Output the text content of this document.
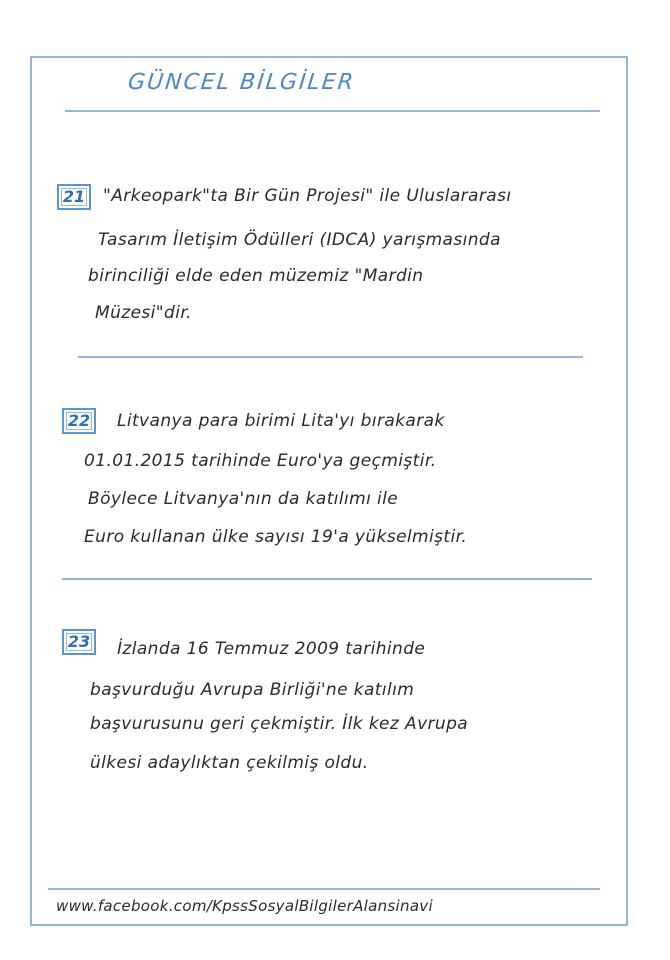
GÜNCEL BİLGİLER
21	"Arkeopark"ta Bir Gün Projesi" ile Uluslararası
Tasarım İletişim Ödülleri (IDCA) yarışmasında
birinciliği elde eden müzemiz "Mardin
Müzesi"dir.
22	Litvanya para birimi Lita'yı bırakarak
01.01.2015 tarihinde Euro'ya geçmiştir.
Böylece Litvanya'nın da katılımı ile
Euro kullanan ülke sayısı 19'a yükselmiştir.
23	İzlanda 16 Temmuz 2009 tarihinde
başvurduğu Avrupa Birliği'ne katılım
başvurusunu geri çekmiştir. İlk kez Avrupa
ülkesi adaylıktan çekilmiş oldu.
www.facebook.com/KpssSosyalBilgilerAlansinavi
